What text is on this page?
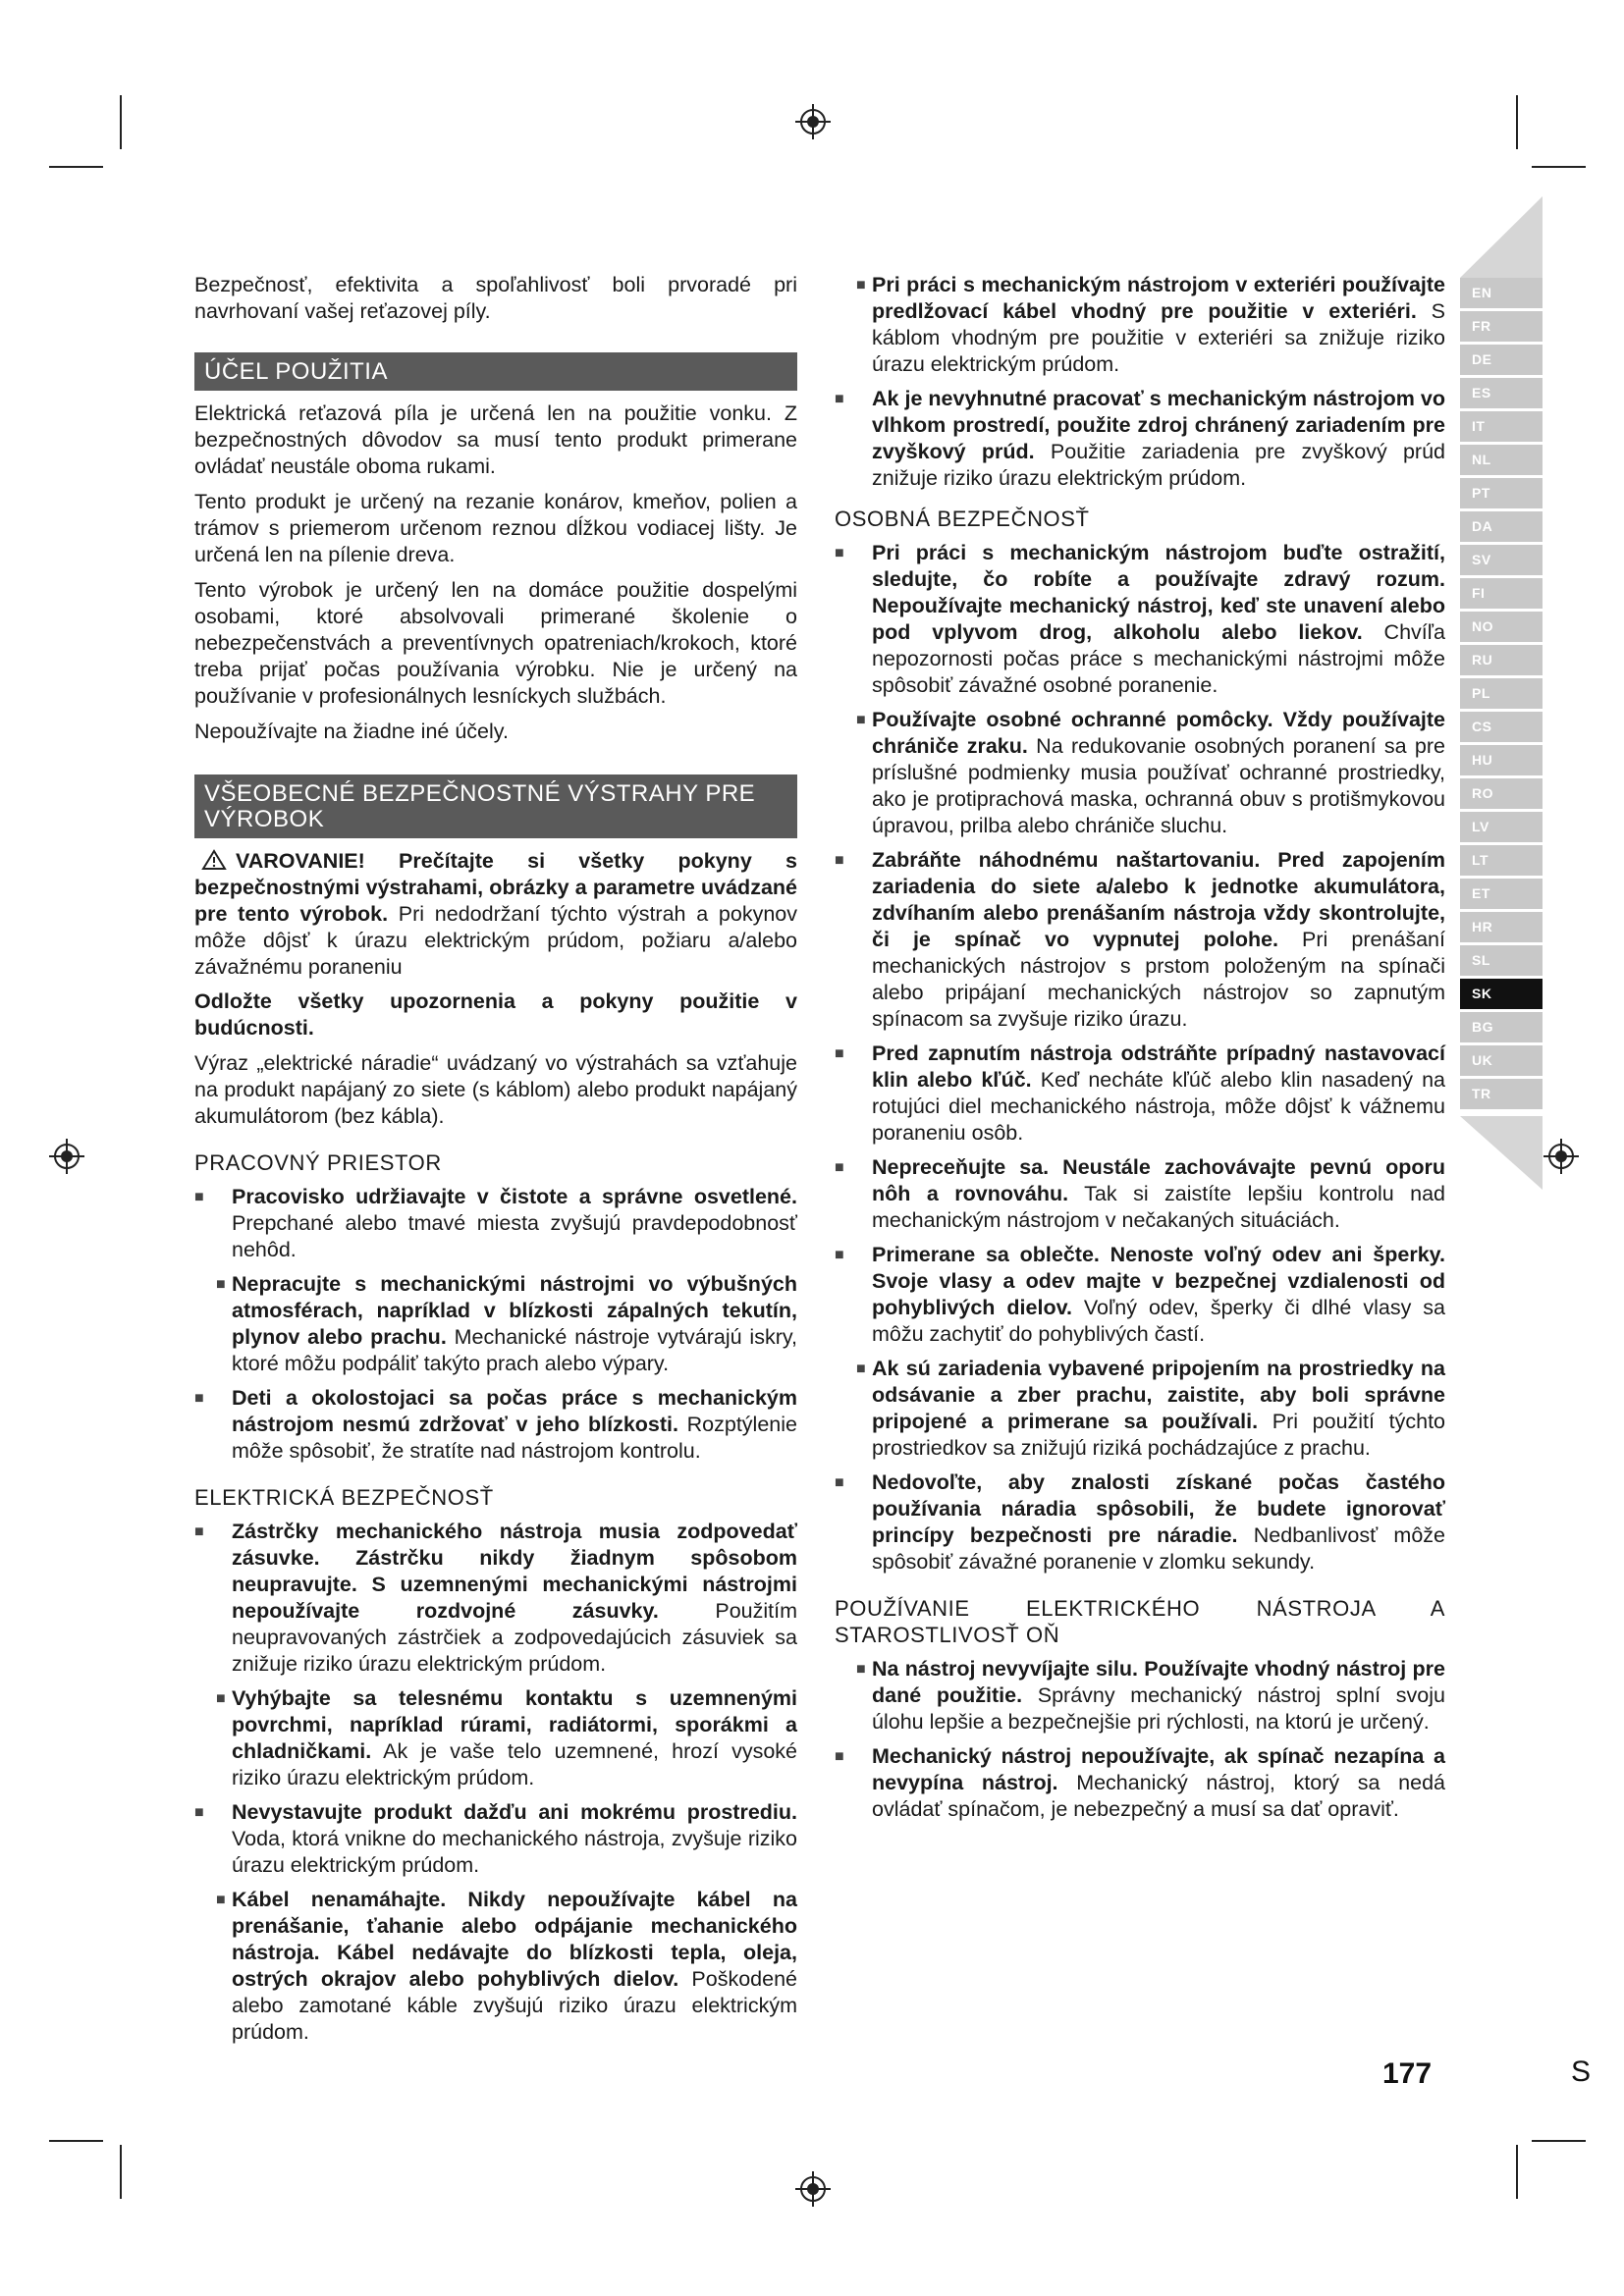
EN
FR
DE
ES
IT
NL
PT
DA
SV
FI
NO
RU
PL
CS
HU
RO
LV
LT
ET
HR
SL
SK
BG
UK
TR

Bezpečnosť, efektivita a spoľahlivosť boli prvoradé pri navrhovaní vašej reťazovej píly.

ÚČEL POUŽITIA

Elektrická reťazová píla je určená len na použitie vonku. Z bezpečnostných dôvodov sa musí tento produkt primerane ovládať neustále oboma rukami.

Tento produkt je určený na rezanie konárov, kmeňov, polien a trámov s priemerom určenom reznou dĺžkou vodiacej lišty. Je určená len na pílenie dreva.

Tento výrobok je určený len na domáce použitie dospelými osobami, ktoré absolvovali primerané školenie o nebezpečenstvách a preventívnych opatreniach/krokoch, ktoré treba prijať počas používania výrobku. Nie je určený na používanie v profesionálnych lesníckych službách.

Nepoužívajte na žiadne iné účely.

VŠEOBECNÉ BEZPEČNOSTNÉ VÝSTRAHY PRE VÝROBOK
VAROVANIE! Prečítajte si všetky pokyny s bezpečnostnými výstrahami, obrázky a parametre uvádzané pre tento výrobok. Pri nedodržaní týchto výstrah a pokynov môže dôjsť k úrazu elektrickým prúdom, požiaru a/alebo závažnému poraneniu

Odložte všetky upozornenia a pokyny použitie v budúcnosti.

Výraz „elektrické náradie“ uvádzaný vo výstrahách sa vzťahuje na produkt napájaný zo siete (s káblom) alebo produkt napájaný akumulátorom (bez kábla).

PRACOVNÝ PRIESTOR
■ Pracovisko udržiavajte v čistote a správne osvetlené. Prepchané alebo tmavé miesta zvyšujú pravdepodobnosť nehôd.
■ Nepracujte s mechanickými nástrojmi vo výbušných atmosférach, napríklad v blízkosti zápalných tekutín, plynov alebo prachu. Mechanické nástroje vytvárajú iskry, ktoré môžu podpáliť takýto prach alebo výpary.
■ Deti a okolostojaci sa počas práce s mechanickým nástrojom nesmú zdržovať v jeho blízkosti. Rozptýlenie môže spôsobiť, že stratíte nad nástrojom kontrolu.
ELEKTRICKÁ BEZPEČNOSŤ
■ Zástrčky mechanického nástroja musia zodpovedať zásuvke. Zástrčku nikdy žiadnym spôsobom neupravujte. S uzemnenými mechanickými nástrojmi nepoužívajte rozdvojné zásuvky. Použitím neupravovaných zástrčiek a zodpovedajúcich zásuviek sa znižuje riziko úrazu elektrickým prúdom.
■ Vyhýbajte sa telesnému kontaktu s uzemnenými povrchmi, napríklad rúrami, radiátormi, sporákmi a chladničkami. Ak je vaše telo uzemnené, hrozí vysoké riziko úrazu elektrickým prúdom.
■ Nevystavujte produkt dažďu ani mokrému prostrediu. Voda, ktorá vnikne do mechanického nástroja, zvyšuje riziko úrazu elektrickým prúdom.
■ Kábel nenamáhajte. Nikdy nepoužívajte kábel na prenášanie, ťahanie alebo odpájanie mechanického nástroja. Kábel nedávajte do blízkosti tepla, oleja, ostrých okrajov alebo pohyblivých dielov. Poškodené alebo zamotané káble zvyšujú riziko úrazu elektrickým prúdom.
■ Pri práci s mechanickým nástrojom v exteriéri používajte predlžovací kábel vhodný pre použitie v exteriéri. S káblom vhodným pre použitie v exteriéri sa znižuje riziko úrazu elektrickým prúdom.
■ Ak je nevyhnutné pracovať s mechanickým nástrojom vo vlhkom prostredí, použite zdroj chránený zariadením pre zvyškový prúd. Použitie zariadenia pre zvyškový prúd znižuje riziko úrazu elektrickým prúdom.
OSOBNÁ BEZPEČNOSŤ
■ Pri práci s mechanickým nástrojom buďte ostražití, sledujte, čo robíte a používajte zdravý rozum. Nepoužívajte mechanický nástroj, keď ste unavení alebo pod vplyvom drog, alkoholu alebo liekov. Chvíľa nepozornosti počas práce s mechanickými nástrojmi môže spôsobiť závažné osobné poranenie.
■ Používajte osobné ochranné pomôcky. Vždy používajte chrániče zraku. Na redukovanie osobných poranení sa pre príslušné podmienky musia používať ochranné prostriedky, ako je protiprachová maska, ochranná obuv s protišmykovou úpravou, prilba alebo chrániče sluchu.
■ Zabráňte náhodnému naštartovaniu. Pred zapojením zariadenia do siete a/alebo k jednotke akumulátora, zdvíhaním alebo prenášaním nástroja vždy skontrolujte, či je spínač vo vypnutej polohe. Pri prenášaní mechanických nástrojov s prstom položeným na spínači alebo pripájaní mechanických nástrojov so zapnutým spínacom sa zvyšuje riziko úrazu.
■ Pred zapnutím nástroja odstráňte prípadný nastavovací klin alebo kľúč. Keď necháte kľúč alebo klin nasadený na rotujúci diel mechanického nástroja, môže dôjsť k vážnemu poraneniu osôb.
■ Nepreceňujte sa. Neustále zachovávajte pevnú oporu nôh a rovnováhu. Tak si zaistíte lepšiu kontrolu nad mechanickým nástrojom v nečakaných situáciách.
■ Primerane sa oblečte. Nenoste voľný odev ani šperky. Svoje vlasy a odev majte v bezpečnej vzdialenosti od pohyblivých dielov. Voľný odev, šperky či dlhé vlasy sa môžu zachytiť do pohyblivých častí.
■ Ak sú zariadenia vybavené pripojením na prostriedky na odsávanie a zber prachu, zaistite, aby boli správne pripojené a primerane sa používali. Pri použití týchto prostriedkov sa znižujú riziká pochádzajúce z prachu.
■ Nedovoľte, aby znalosti získané počas častého používania náradia spôsobili, že budete ignorovať princípy bezpečnosti pre náradie. Nedbanlivosť môže spôsobiť závažné poranenie v zlomku sekundy.
POUŽÍVANIE ELEKTRICKÉHO NÁSTROJA A STAROSTLIVOSŤ OŇ
■ Na nástroj nevyvíjajte silu. Používajte vhodný nástroj pre dané použitie. Správny mechanický nástroj splní svoju úlohu lepšie a bezpečnejšie pri rýchlosti, na ktorú je určený.
■ Mechanický nástroj nepoužívajte, ak spínač nezapína a nevypína nástroj. Mechanický nástroj, ktorý sa nedá ovládať spínačom, je nebezpečný a musí sa dať opraviť.
177	S
